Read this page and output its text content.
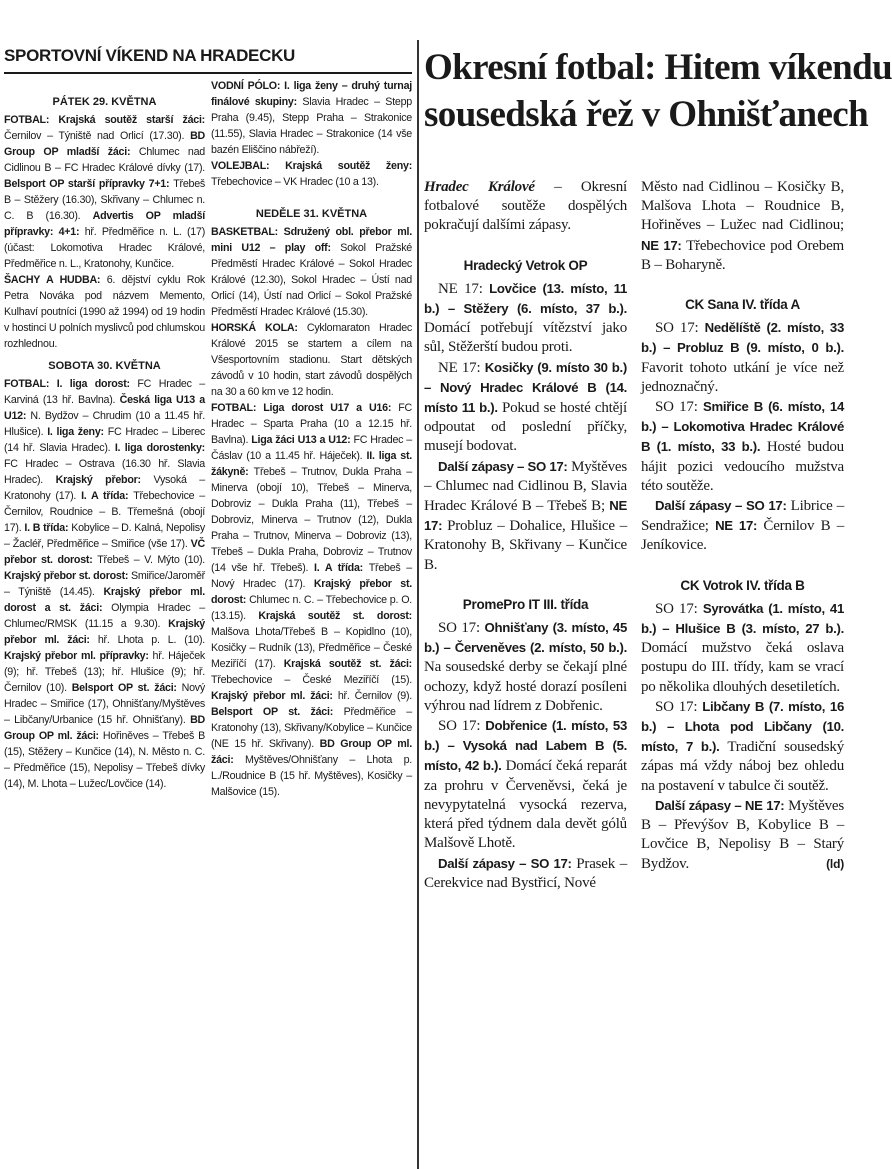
SPORTOVNÍ VÍKEND NA HRADECKU
PÁTEK 29. KVĚTNA

FOTBAL: Krajská soutěž starší žáci: Černilov – Týniště nad Orlicí (17.30). BD Group OP mladší žáci: Chlumec nad Cidlinou B – FC Hradec Králové dívky (17). Belsport OP starší přípravky 7+1: Třebeš B – Stěžery (16.30), Skřivany – Chlumec n. C. B (16.30). Advertis OP mladší přípravky: 4+1: hř. Předměřice n. L. (17) (účast: Lokomotiva Hradec Králové, Předměřice n. L., Kratonohy, Kunčice.

ŠACHY A HUDBA: 6. dějství cyklu Rok Petra Nováka pod názvem Memento, Kulhaví poutníci (1990 až 1994) od 19 hodin v hostinci U polních myslivců pod chlumskou rozhlednou.

SOBOTA 30. KVĚTNA

FOTBAL: I. liga dorost: FC Hradec – Karviná (13 hř. Bavlna). Česká liga U13 a U12: N. Bydžov – Chrudim (10 a 11.45 hř. Hlušice). I. liga ženy: FC Hradec – Liberec (14 hř. Slavia Hradec). I. liga dorostenky: FC Hradec – Ostrava (16.30 hř. Slavia Hradec). Krajský přebor: Vysoká – Kratonohy (17). I. A třída: Třebechovice – Černilov, Roudnice – B. Třemešná (obojí 17). I. B třída: Kobylice – D. Kalná, Nepolisy – Žacléř, Předměřice – Smiřice (vše 17). VČ přebor st. dorost: Třebeš – V. Mýto (10). Krajský přebor st. dorost: Smiřice/Jaroměř – Týniště (14.45). Krajský přebor ml. dorost a st. žáci: Olympia Hradec – Chlumec/RMSK (11.15 a 9.30). Krajský přebor ml. žáci: hř. Lhota p. L. (10). Krajský přebor ml. přípravky: hř. Háječek (9); hř. Třebeš (13); hř. Hlušice (9); hř. Černilov (10). Belsport OP st. žáci: Nový Hradec – Smiřice (17), Ohnišťany/Myštěves – Libčany/Urbanice (15 hř. Ohnišťany). BD Group OP ml. žáci: Hořiněves – Třebeš B (15), Stěžery – Kunčice (14), N. Město n. C. – Předměřice (15), Nepolisy – Třebeš dívky (14), M. Lhota – Lužec/Lovčice (14).

VODNÍ PÓLO: I. liga ženy – druhý turnaj finálové skupiny: Slavia Hradec – Stepp Praha (9.45), Stepp Praha – Strakonice (11.55), Slavia Hradec – Strakonice (14 vše bazén Eliščino nábřeží).

VOLEJBAL: Krajská soutěž ženy: Třebechovice – VK Hradec (10 a 13).

NEDĚLE 31. KVĚTNA

BASKETBAL: Sdružený obl. přebor ml. mini U12 – play off: Sokol Pražské Předměstí Hradec Králové – Sokol Hradec Králové (12.30), Sokol Hradec – Ústí nad Orlicí (14), Ústí nad Orlicí – Sokol Pražské Předměstí Hradec Králové (15.30).

HORSKÁ KOLA: Cyklomaraton Hradec Králové 2015 se startem a cílem na Všesportovním stadionu. Start dětských závodů v 10 hodin, start závodů dospělých na 30 a 60 km ve 12 hodin.

FOTBAL: Liga dorost U17 a U16: FC Hradec – Sparta Praha (10 a 12.15 hř. Bavlna). Liga žáci U13 a U12: FC Hradec – Čáslav (10 a 11.45 hř. Háječek). II. liga st. žákyně: Třebeš – Trutnov, Dukla Praha – Minerva (obojí 10), Třebeš – Minerva, Dobroviz – Dukla Praha (11), Třebeš – Dobroviz, Minerva – Trutnov (12), Dukla Praha – Trutnov, Minerva – Dobroviz (13), Třebeš – Dukla Praha, Dobroviz – Trutnov (14 vše hř. Třebeš). I. A třída: Třebeš – Nový Hradec (17). Krajský přebor st. dorost: Chlumec n. C. – Třebechovice p. O. (13.15). Krajská soutěž st. dorost: Malšova Lhota/Třebeš B – Kopidlno (10), Kosičky – Rudník (13), Předměřice – České Meziříčí (17). Krajská soutěž st. žáci: Třebechovice – České Meziříčí (15). Krajský přebor ml. žáci: hř. Černilov (9). Belsport OP st. žáci: Předměřice – Kratonohy (13), Skřivany/Kobylice – Kunčice (NE 15 hř. Skřivany). BD Group OP ml. žáci: Myštěves/Ohnišťany – Lhota p. L./Roudnice B (15 hř. Myštěves), Kosičky – Malšovice (15).

Okresní fotbal: Hitem víkendu
sousedská řež v Ohnišťanech

Hradec Králové – Okresní fotbalové soutěže dospělých pokračují dalšími zápasy.

Hradecký Vetrok OP

NE 17: Lovčice (13. místo, 11 b.) – Stěžery (6. místo, 37 b.). Domácí potřebují vítězství jako sůl, Stěžerští budou proti.

NE 17: Kosičky (9. místo 30 b.) – Nový Hradec Králové B (14. místo 11 b.). Pokud se hosté chtějí odpoutat od poslední příčky, musejí bodovat.

Další zápasy – SO 17: Myštěves – Chlumec nad Cidlinou B, Slavia Hradec Králové B – Třebeš B; NE 17: Probluz – Dohalice, Hlušice – Kratonohy B, Skřivany – Kunčice B.

PromePro IT III. třída

SO 17: Ohnišťany (3. místo, 45 b.) – Červeněves (2. místo, 50 b.). Na sousedské derby se čekají plné ochozy, když hosté dorazí posíleni výhrou nad lídrem z Dobřenic.

SO 17: Dobřenice (1. místo, 53 b.) – Vysoká nad Labem B (5. místo, 42 b.). Domácí čeká reparát za prohru v Červeněvsi, čeká je nevypytatelná vysocká rezerva, která před týdnem dala devět gólů Malšově Lhotě.

Další zápasy – SO 17: Prasek – Cerekvice nad Bystřicí, Nové

Město nad Cidlinou – Kosičky B, Malšova Lhota – Roudnice B, Hořiněves – Lužec nad Cidlinou; NE 17: Třebechovice pod Orebem B – Boharyně.

CK Sana IV. třída A

SO 17: Nedělíště (2. místo, 33 b.) – Probluz B (9. místo, 0 b.). Favorit tohoto utkání je více než jednoznačný.

SO 17: Smiřice B (6. místo, 14 b.) – Lokomotiva Hradec Králové B (1. místo, 33 b.). Hosté budou hájit pozici vedoucího mužstva této soutěže.

Další zápasy – SO 17: Librice – Sendražice; NE 17: Černilov B – Jeníkovice.

CK Votrok IV. třída B

SO 17: Syrovátka (1. místo, 41 b.) – Hlušice B (3. místo, 27 b.). Domácí mužstvo čeká oslava postupu do III. třídy, kam se vrací po několika dlouhých desetiletích.

SO 17: Libčany B (7. místo, 16 b.) – Lhota pod Libčany (10. místo, 7 b.). Tradiční sousedský zápas má vždy náboj bez ohledu na postavení v tabulce či soutěž.

Další zápasy – NE 17: Myštěves B – Převýšov B, Kobylice B – Lovčice B, Nepolisy B – Starý Bydžov.	(ld)
